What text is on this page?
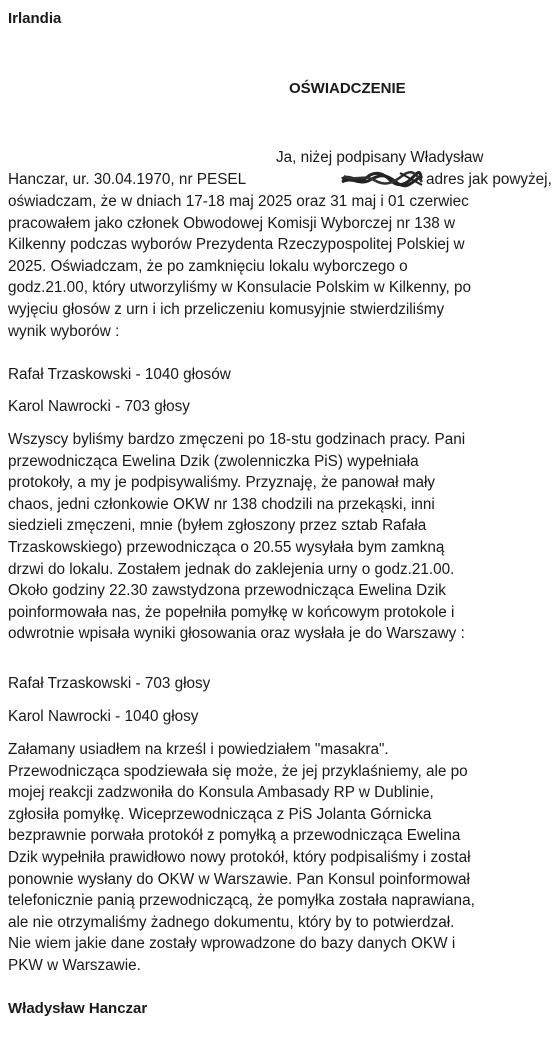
Irlandia
OŚWIADCZENIE
Ja, niżej podpisany Władysław
Hanczar, ur. 30.04.1970, nr PESEL	adres jak powyżej,
oświadczam, że w dniach 17-18 maj 2025 oraz 31 maj i 01 czerwiec
pracowałem jako członek Obwodowej Komisji Wyborczej nr 138 w
Kilkenny podczas wyborów Prezydenta Rzeczypospolitej Polskiej w
2025. Oświadczam, że po zamknięciu lokalu wyborczego o
godz.21.00, który utworzyliśmy w Konsulacie Polskim w Kilkenny, po
wyjęciu głosów z urn i ich przeliczeniu komusyjnie stwierdziliśmy
wynik wyborów :
Rafał Trzaskowski - 1040 głosów
Karol Nawrocki - 703 głosy
Wszyscy byliśmy bardzo zmęczeni po 18-stu godzinach pracy. Pani
przewodnicząca Ewelina Dzik (zwolenniczka PiS) wypełniała
protokoły, a my je podpisywaliśmy. Przyznaję, że panował mały
chaos, jedni członkowie OKW nr 138 chodzili na przekąski, inni
siedzieli zmęczeni, mnie (byłem zgłoszony przez sztab Rafała
Trzaskowskiego) przewodnicząca o 20.55 wysyłała bym zamkną
drzwi do lokalu. Zostałem jednak do zaklejenia urny o godz.21.00.
Około godziny 22.30 zawstydzona przewodnicząca Ewelina Dzik
poinformowała nas, że popełniła pomyłkę w końcowym protokole i
odwrotnie wpisała wyniki głosowania oraz wysłała je do Warszawy :
Rafał Trzaskowski - 703 głosy
Karol Nawrocki - 1040 głosy
Załamany usiadłem na krześl i powiedziałem "masakra".
Przewodnicząca spodziewała się może, że jej przyklaśniemy, ale po
mojej reakcji zadzwoniła do Konsula Ambasady RP w Dublinie,
zgłosiła pomyłkę. Wiceprzewodnicząca z PiS Jolanta Górnicka
bezprawnie porwała protokół z pomyłką a przewodnicząca Ewelina
Dzik wypełniła prawidłowo nowy protokół, który podpisaliśmy i został
ponownie wysłany do OKW w Warszawie. Pan Konsul poinformował
telefonicznie panią przewodniczącą, że pomyłka została naprawiana,
ale nie otrzymaliśmy żadnego dokumentu, który by to potwierdzał.
Nie wiem jakie dane zostały wprowadzone do bazy danych OKW i
PKW w Warszawie.
Władysław Hanczar
